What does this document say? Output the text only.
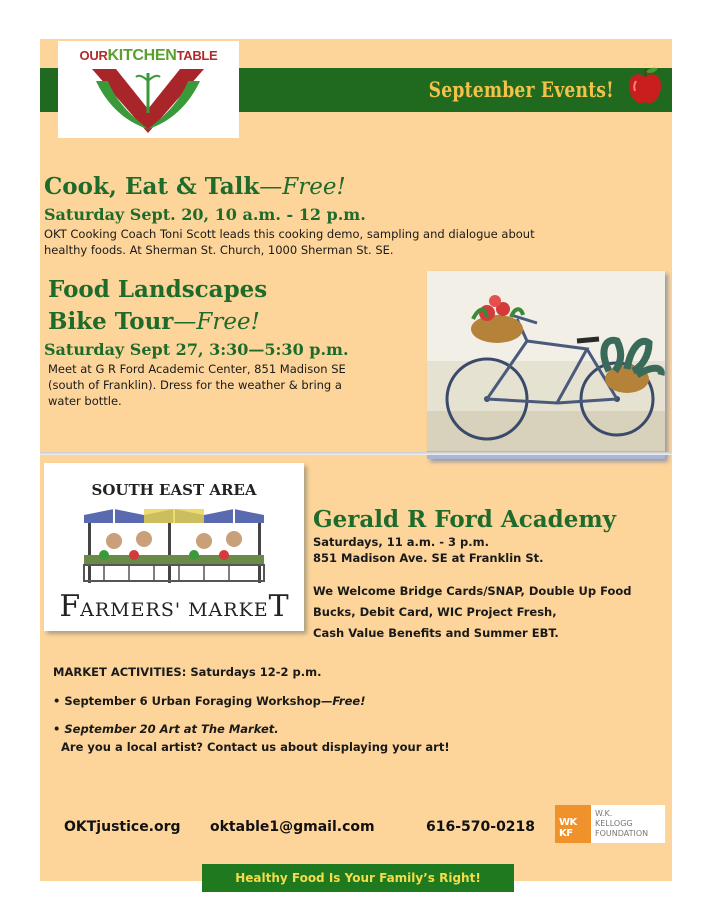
September Events!
OURKITCHENTABLE
Cook, Eat & Talk—Free!
Saturday Sept. 20, 10 a.m. - 12 p.m.
OKT Cooking Coach Toni Scott leads this cooking demo, sampling and dialogue about
healthy foods. At Sherman St. Church, 1000 Sherman St. SE.
Food Landscapes
Bike Tour—Free!
Saturday Sept 27, 3:30—5:30 p.m.
Meet at G R Ford Academic Center, 851 Madison SE
(south of Franklin). Dress for the weather & bring a
water bottle.
SOUTH EAST AREA
FARMERS' MARKET
Gerald R Ford Academy
Saturdays, 11 a.m. - 3 p.m.
851 Madison Ave. SE at Franklin St.
We Welcome Bridge Cards/SNAP, Double Up Food
Bucks, Debit Card, WIC Project Fresh,
Cash Value Benefits and Summer EBT.
MARKET ACTIVITIES: Saturdays 12-2 p.m.
• September 6 Urban Foraging Workshop—Free!
• September 20 Art at The Market.
Are you a local artist? Contact us about displaying your art!
OKTjustice.org oktable1@gmail.com	616-570-0218 WK KF
W.K.
KELLOGG
FOUNDATION
Healthy Food Is Your Family’s Right!
